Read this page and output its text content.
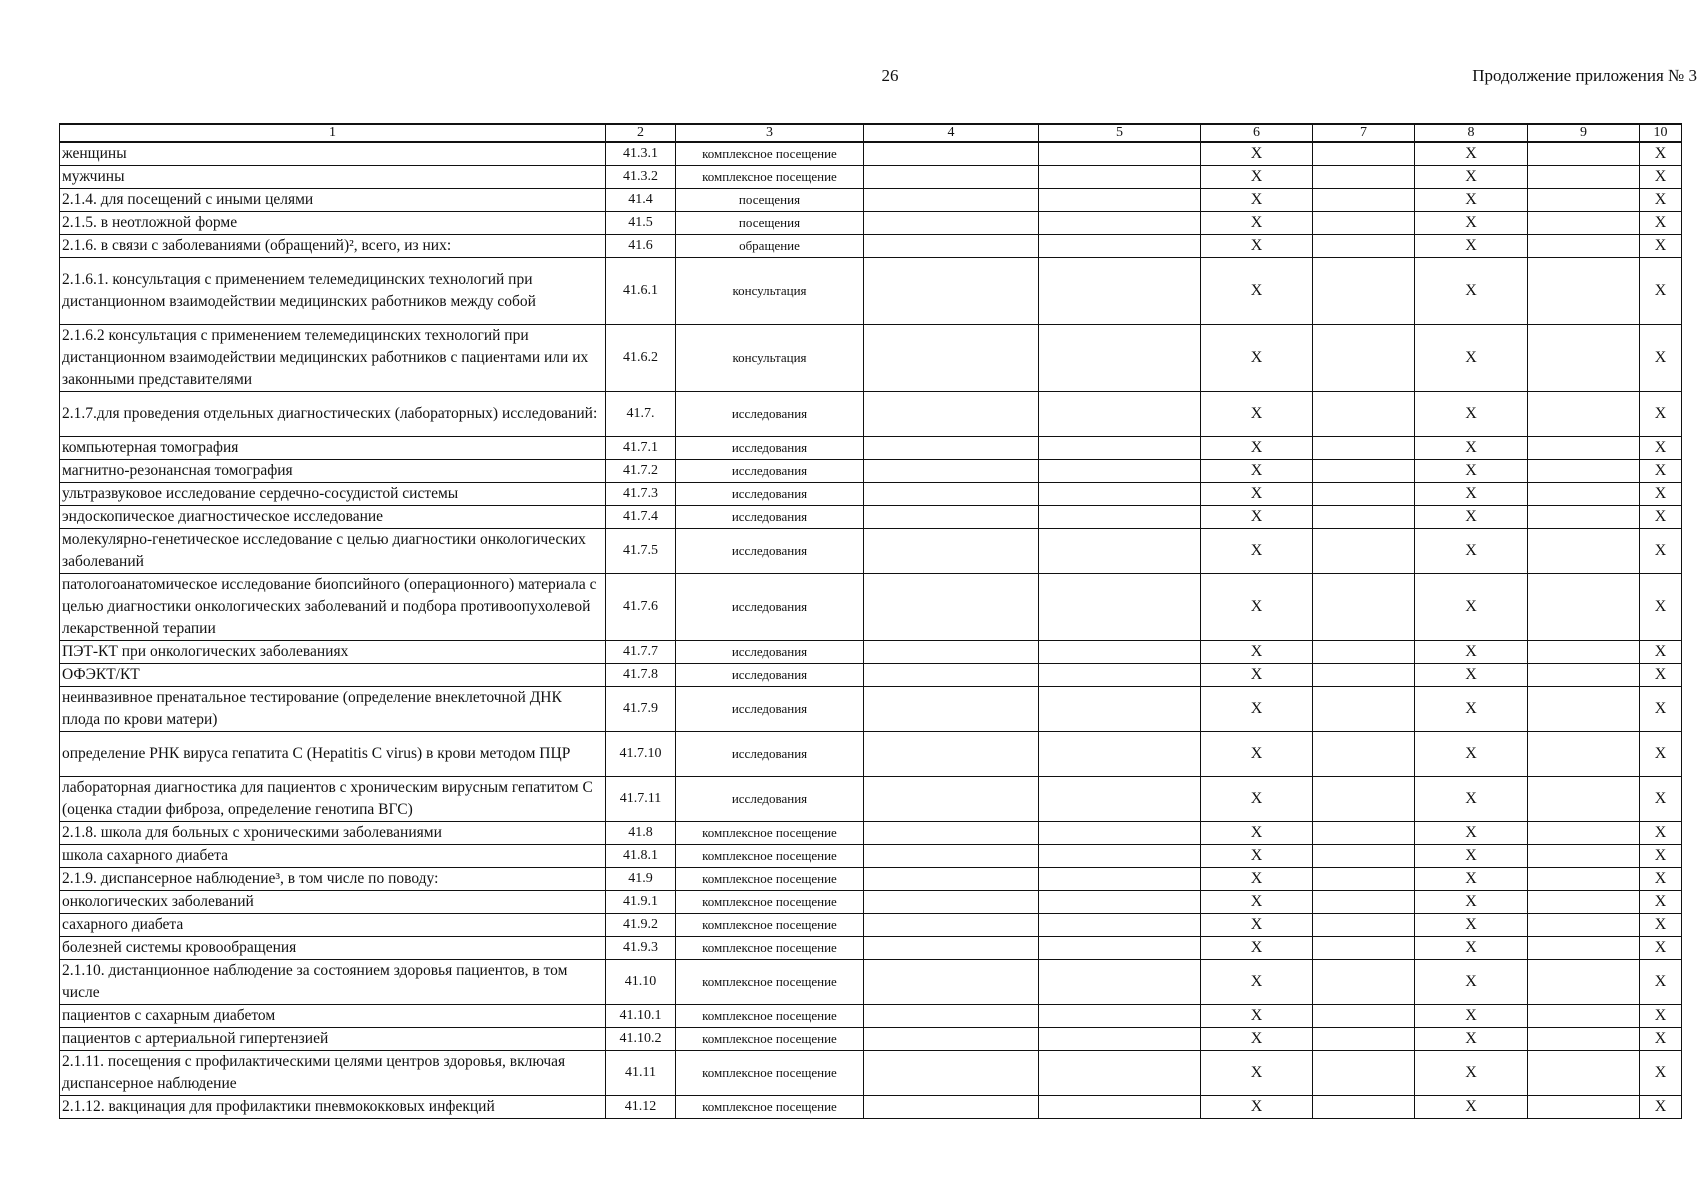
26	Продолжение приложения № 3
1	2	3	4	5	6	7	8	9	10
женщины	41.3.1	комплексное посещение			X		X		X
мужчины	41.3.2	комплексное посещение			X		X		X
2.1.4. для посещений с иными целями	41.4	посещения			X		X		X
2.1.5. в неотложной форме	41.5	посещения			X		X		X
2.1.6. в связи с заболеваниями (обращений)², всего, из них:	41.6	обращение			X		X		X
2.1.6.1. консультация с применением телемедицинских технологий при дистанционном взаимодействии медицинских работников между собой	41.6.1	консультация			X		X		X
2.1.6.2 консультация с применением телемедицинских технологий при дистанционном взаимодействии медицинских работников с пациентами или их законными представителями	41.6.2	консультация			X		X		X
2.1.7.для проведения отдельных диагностических (лабораторных) исследований:	41.7.	исследования			X		X		X
компьютерная томография	41.7.1	исследования			X		X		X
магнитно-резонансная томография	41.7.2	исследования			X		X		X
ультразвуковое исследование сердечно-сосудистой системы	41.7.3	исследования			X		X		X
эндоскопическое диагностическое исследование	41.7.4	исследования			X		X		X
молекулярно-генетическое исследование с целью диагностики онкологических заболеваний	41.7.5	исследования			X		X		X
патологоанатомическое исследование биопсийного (операционного) материала с целью диагностики онкологических заболеваний и подбора противоопухолевой лекарственной терапии	41.7.6	исследования			X		X		X
ПЭТ-КТ при онкологических заболеваниях	41.7.7	исследования			X		X		X
ОФЭКТ/КТ	41.7.8	исследования			X		X		X
неинвазивное пренатальное тестирование (определение внеклеточной ДНК плода по крови матери)	41.7.9	исследования			X		X		X
определение РНК вируса гепатита С (Hepatitis C virus) в крови методом ПЦР	41.7.10	исследования			X		X		X
лабораторная диагностика для пациентов с хроническим вирусным гепатитом С (оценка стадии фиброза, определение генотипа ВГС)	41.7.11	исследования			X		X		X
2.1.8. школа для больных с хроническими заболеваниями	41.8	комплексное посещение			X		X		X
школа сахарного диабета	41.8.1	комплексное посещение			X		X		X
2.1.9. диспансерное наблюдение³, в том числе по поводу:	41.9	комплексное посещение			X		X		X
онкологических заболеваний	41.9.1	комплексное посещение			X		X		X
сахарного диабета	41.9.2	комплексное посещение			X		X		X
болезней системы кровообращения	41.9.3	комплексное посещение			X		X		X
2.1.10. дистанционное наблюдение за состоянием здоровья пациентов, в том числе	41.10	комплексное посещение			X		X		X
пациентов с сахарным диабетом	41.10.1	комплексное посещение			X		X		X
пациентов с артериальной гипертензией	41.10.2	комплексное посещение			X		X		X
2.1.11. посещения с профилактическими целями центров здоровья, включая диспансерное наблюдение	41.11	комплексное посещение			X		X		X
2.1.12. вакцинация для профилактики пневмококковых инфекций	41.12	комплексное посещение			X		X		X
